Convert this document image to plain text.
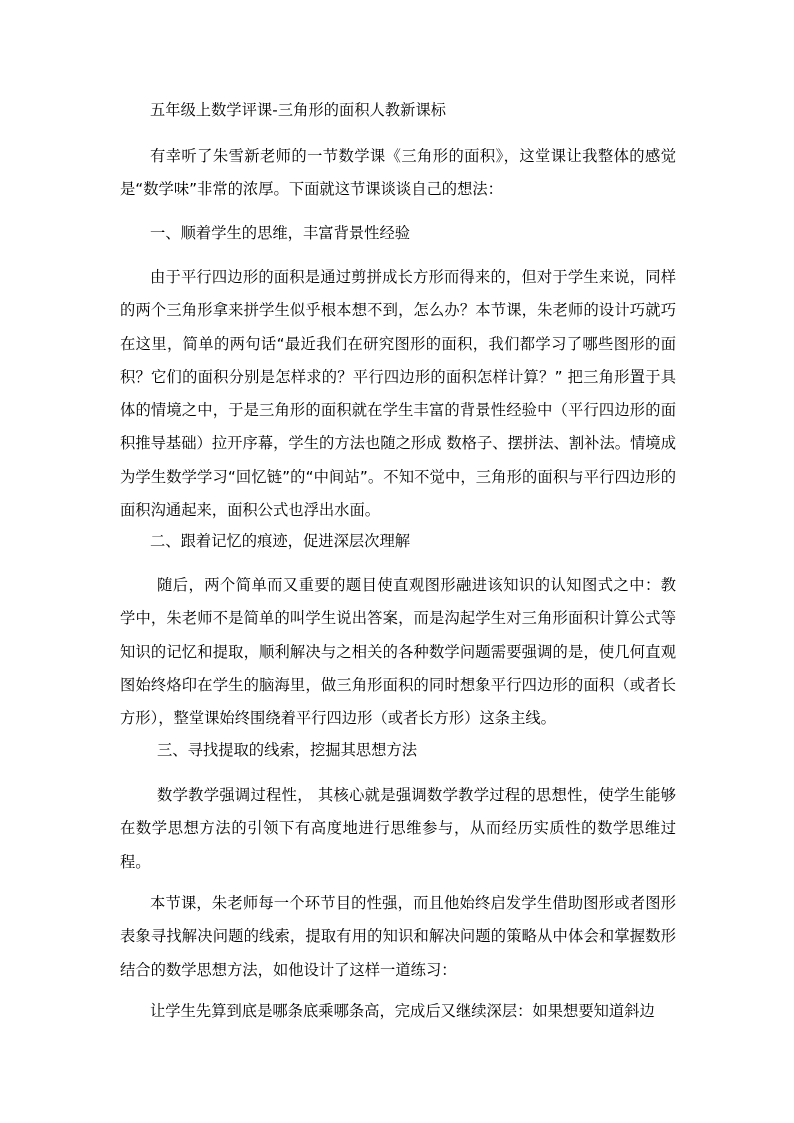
五年级上数学评课-三角形的面积人教新课标

有幸听了朱雪新老师的一节数学课《三角形的面积》，这堂课让我整体的感觉是“数学味”非常的浓厚。下面就这节课谈谈自己的想法：

一、顺着学生的思维，丰富背景性经验

由于平行四边形的面积是通过剪拼成长方形而得来的，但对于学生来说，同样的两个三角形拿来拼学生似乎根本想不到，怎么办？本节课，朱老师的设计巧就巧在这里，简单的两句话“最近我们在研究图形的面积，我们都学习了哪些图形的面积？它们的面积分别是怎样求的？平行四边形的面积怎样计算？” 把三角形置于具体的情境之中，于是三角形的面积就在学生丰富的背景性经验中（平行四边形的面积推导基础）拉开序幕，学生的方法也随之形成 数格子、摆拼法、割补法。情境成为学生数学学习“回忆链”的“中间站”。不知不觉中，三角形的面积与平行四边形的面积沟通起来，面积公式也浮出水面。

二、跟着记忆的痕迹，促进深层次理解

随后，两个简单而又重要的题目使直观图形融进该知识的认知图式之中：教学中，朱老师不是简单的叫学生说出答案，而是沟起学生对三角形面积计算公式等知识的记忆和提取，顺利解决与之相关的各种数学问题需要强调的是，使几何直观图始终烙印在学生的脑海里，做三角形面积的同时想象平行四边形的面积（或者长方形），整堂课始终围绕着平行四边形（或者长方形）这条主线。

三、寻找提取的线索，挖掘其思想方法

数学教学强调过程性， 其核心就是强调数学教学过程的思想性，使学生能够在数学思想方法的引领下有高度地进行思维参与，从而经历实质性的数学思维过程。

本节课，朱老师每一个环节目的性强，而且他始终启发学生借助图形或者图形表象寻找解决问题的线索，提取有用的知识和解决问题的策略从中体会和掌握数形结合的数学思想方法，如他设计了这样一道练习：

让学生先算到底是哪条底乘哪条高，完成后又继续深层：如果想要知道斜边
